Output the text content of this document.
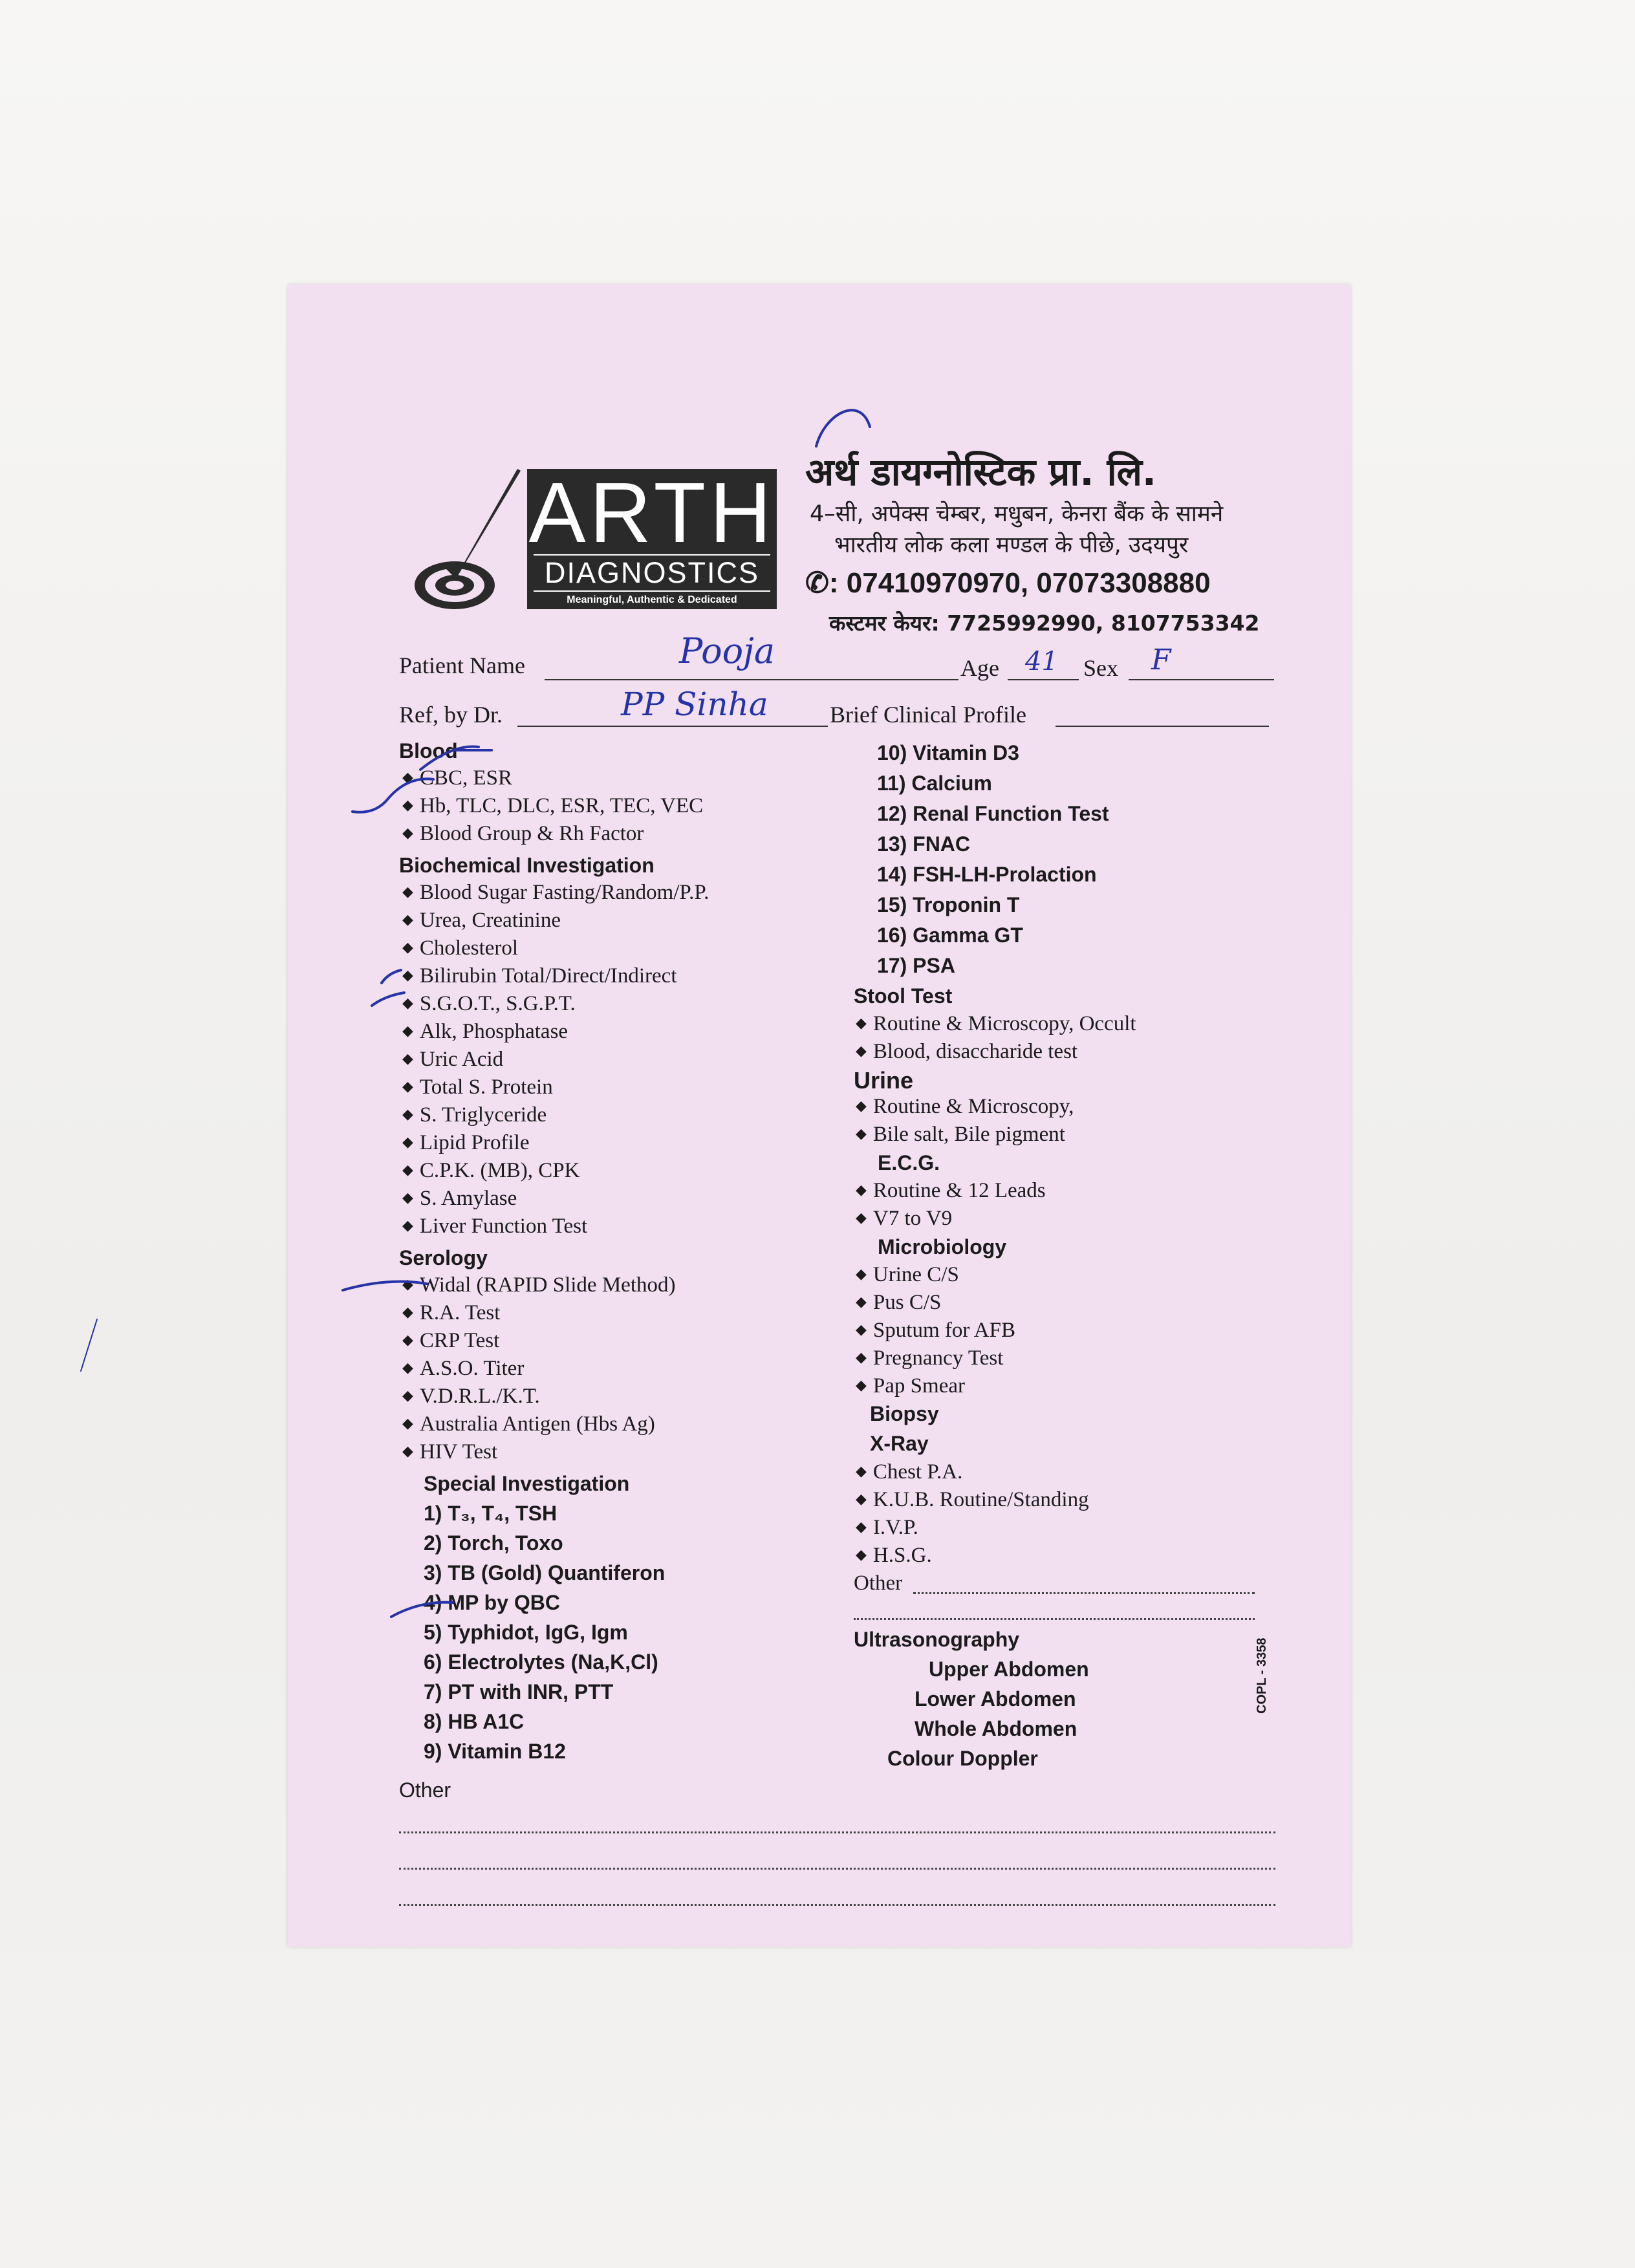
ARTH
DIAGNOSTICS
Meaningful, Authentic & Dedicated
अर्थ डायग्नोस्टिक प्रा. लि.
4–सी, अपेक्स चेम्बर, मधुबन, केनरा बैंक के सामने
भारतीय लोक कला मण्डल के पीछे, उदयपुर
✆: 07410970970, 07073308880
कस्टमर केयर: 7725992990, 8107753342
Patient Name	Pooja	Age 41 Sex F
Ref, by Dr.	PP Sinha	Brief Clinical Profile
Blood
◆ CBC, ESR
◆ Hb, TLC, DLC, ESR, TEC, VEC
◆ Blood Group & Rh Factor
Biochemical Investigation
◆ Blood Sugar Fasting/Random/P.P.
◆ Urea, Creatinine
◆ Cholesterol
◆ Bilirubin Total/Direct/Indirect
◆ S.G.O.T., S.G.P.T.
◆ Alk, Phosphatase
◆ Uric Acid
◆ Total S. Protein
◆ S. Triglyceride
◆ Lipid Profile
◆ C.P.K. (MB), CPK
◆ S. Amylase
◆ Liver Function Test
Serology
◆ Widal (RAPID Slide Method)
◆ R.A. Test
◆ CRP Test
◆ A.S.O. Titer
◆ V.D.R.L./K.T.
◆ Australia Antigen (Hbs Ag)
◆ HIV Test
Special Investigation
1) T₃, T₄, TSH
2) Torch, Toxo
3) TB (Gold) Quantiferon
4) MP by QBC
5) Typhidot, IgG, Igm
6) Electrolytes (Na,K,Cl)
7) PT with INR, PTT
8) HB A1C
9) Vitamin B12
Other
10) Vitamin D3
11) Calcium
12) Renal Function Test
13) FNAC
14) FSH-LH-Prolaction
15) Troponin T
16) Gamma GT
17) PSA
Stool Test
◆ Routine & Microscopy, Occult
◆ Blood, disaccharide test
Urine
◆ Routine & Microscopy,
◆ Bile salt, Bile pigment
E.C.G.
◆ Routine & 12 Leads
◆ V7 to V9
Microbiology
◆ Urine C/S
◆ Pus C/S
◆ Sputum for AFB
◆ Pregnancy Test
◆ Pap Smear
Biopsy
X-Ray
◆ Chest P.A.
◆ K.U.B. Routine/Standing
◆ I.V.P.
◆ H.S.G.
Other
Ultrasonography
Upper Abdomen
Lower Abdomen
Whole Abdomen
Colour Doppler
COPL - 3358
